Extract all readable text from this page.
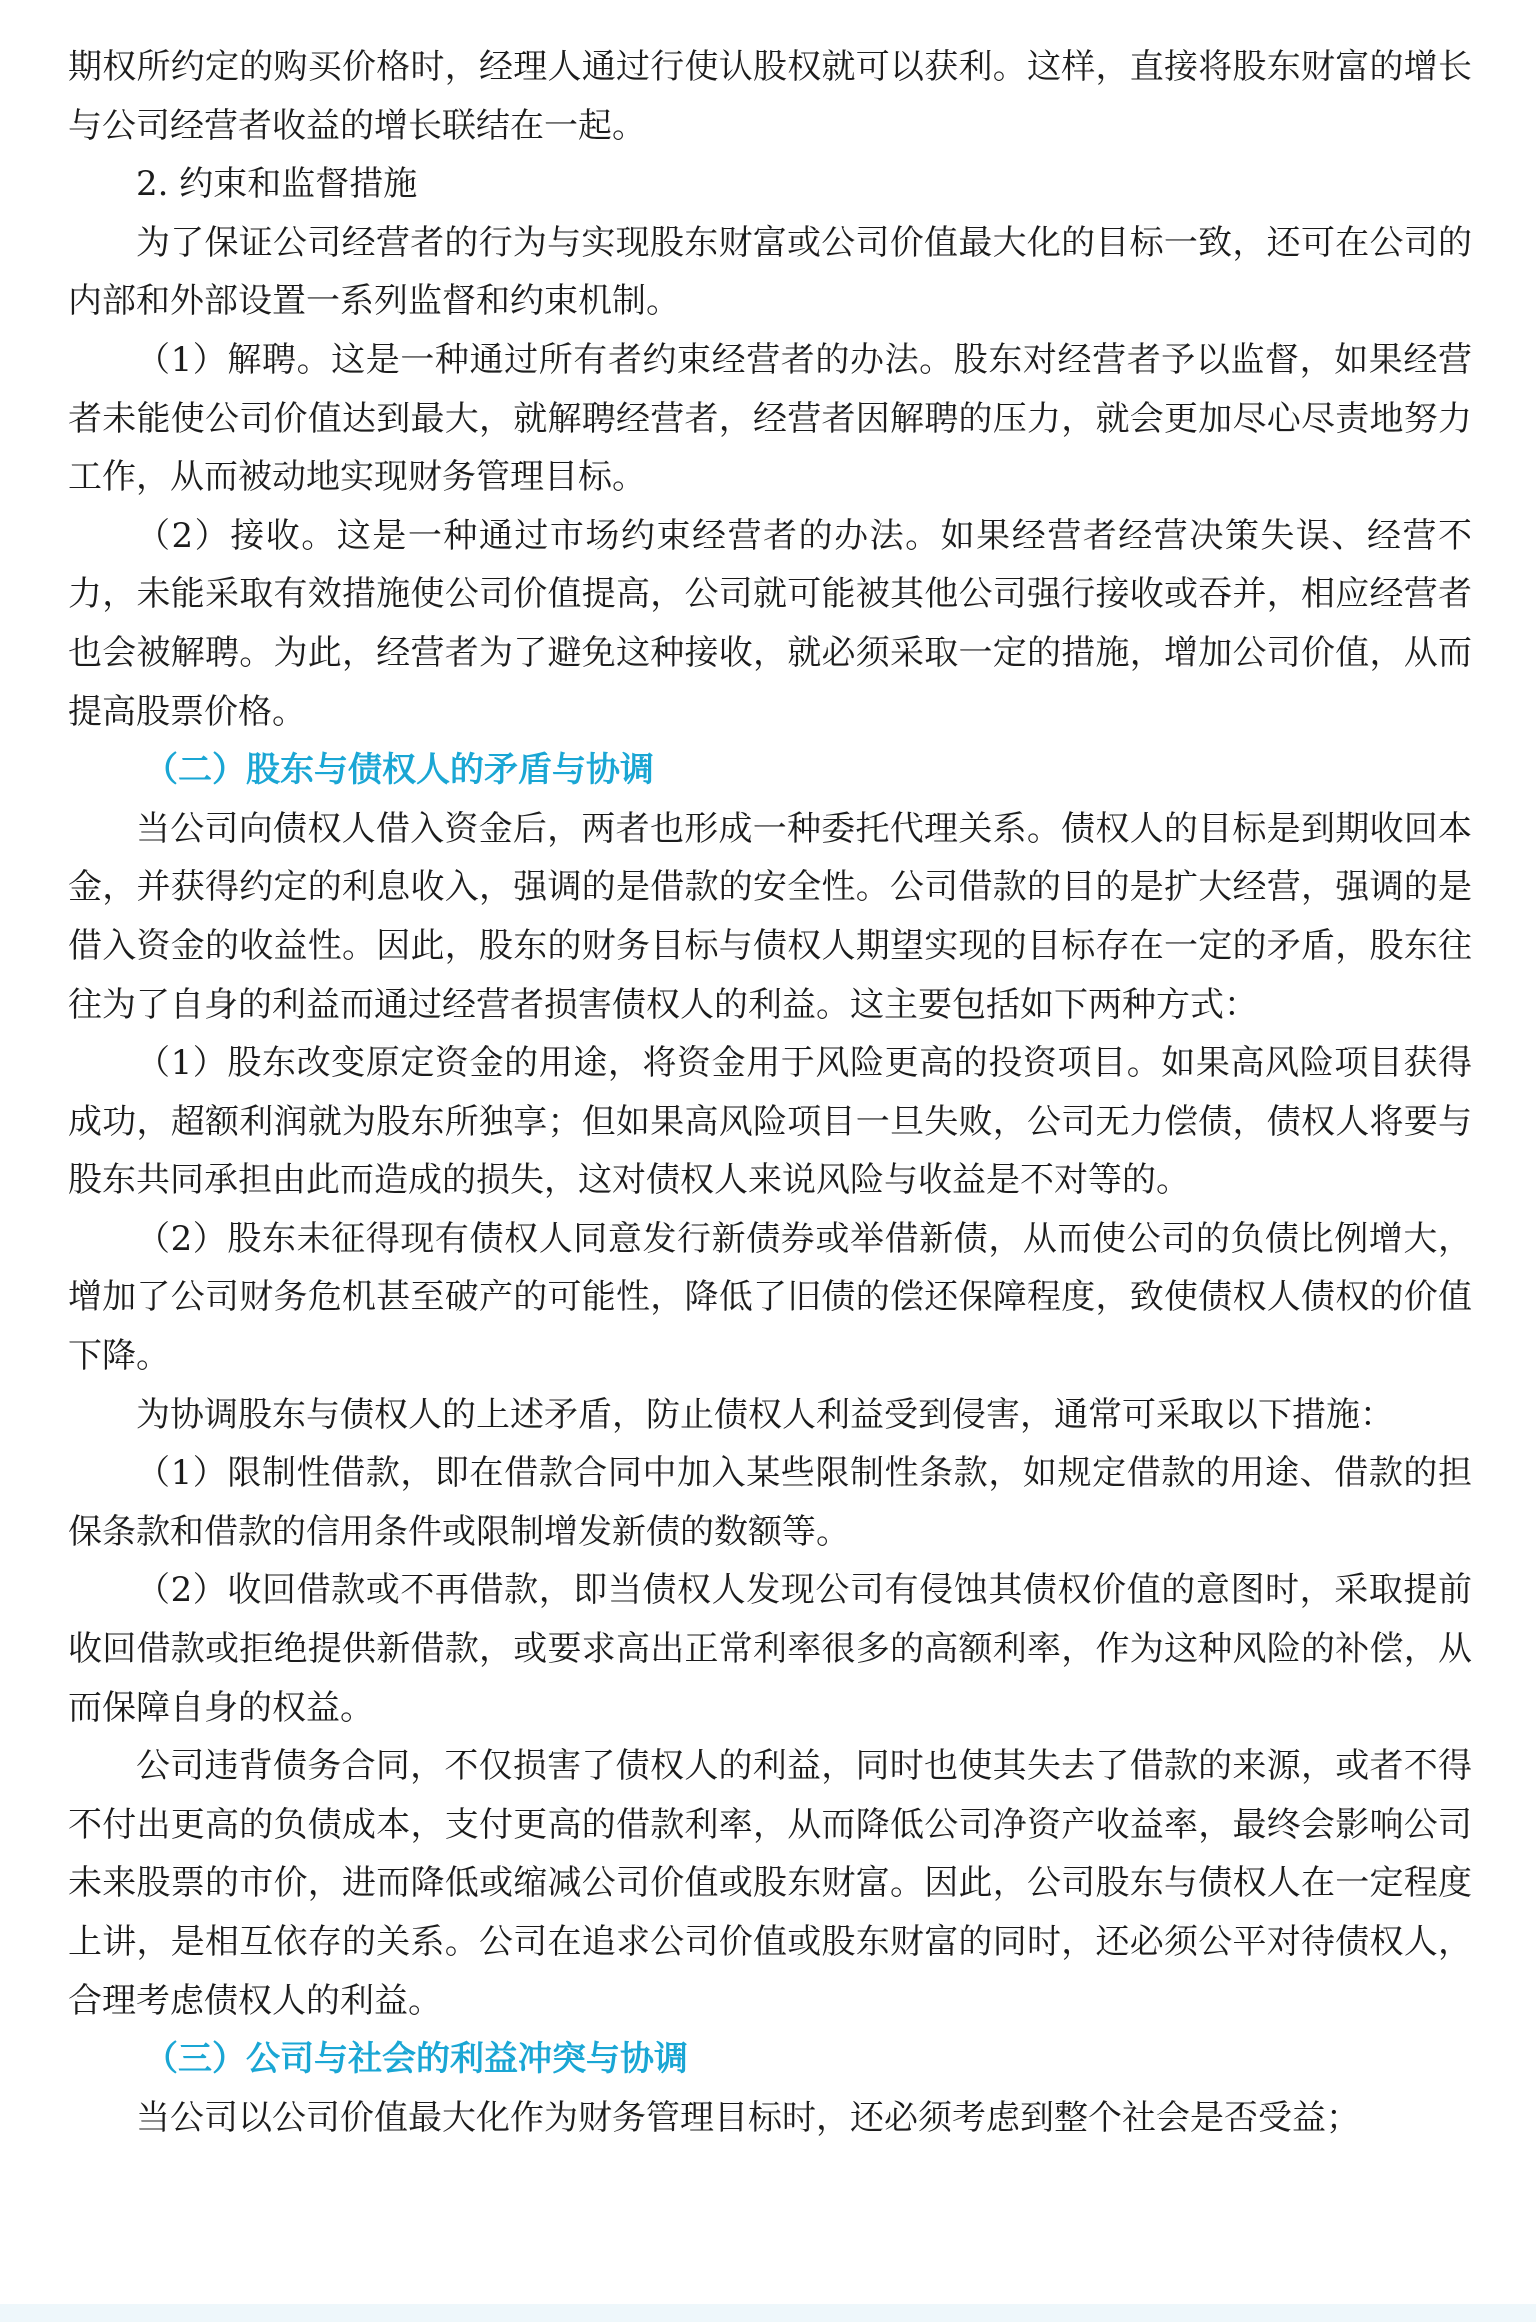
期权所约定的购买价格时，经理人通过行使认股权就可以获利。这样，直接将股东财富的增长与公司经营者收益的增长联结在一起。

2. 约束和监督措施

为了保证公司经营者的行为与实现股东财富或公司价值最大化的目标一致，还可在公司的内部和外部设置一系列监督和约束机制。

（1）解聘。这是一种通过所有者约束经营者的办法。股东对经营者予以监督，如果经营者未能使公司价值达到最大，就解聘经营者，经营者因解聘的压力，就会更加尽心尽责地努力工作，从而被动地实现财务管理目标。

（2）接收。这是一种通过市场约束经营者的办法。如果经营者经营决策失误、经营不力，未能采取有效措施使公司价值提高，公司就可能被其他公司强行接收或吞并，相应经营者也会被解聘。为此，经营者为了避免这种接收，就必须采取一定的措施，增加公司价值，从而提高股票价格。

（二）股东与债权人的矛盾与协调

当公司向债权人借入资金后，两者也形成一种委托代理关系。债权人的目标是到期收回本金，并获得约定的利息收入，强调的是借款的安全性。公司借款的目的是扩大经营，强调的是借入资金的收益性。因此，股东的财务目标与债权人期望实现的目标存在一定的矛盾，股东往往为了自身的利益而通过经营者损害债权人的利益。这主要包括如下两种方式：

（1）股东改变原定资金的用途，将资金用于风险更高的投资项目。如果高风险项目获得成功，超额利润就为股东所独享；但如果高风险项目一旦失败，公司无力偿债，债权人将要与股东共同承担由此而造成的损失，这对债权人来说风险与收益是不对等的。

（2）股东未征得现有债权人同意发行新债券或举借新债，从而使公司的负债比例增大，增加了公司财务危机甚至破产的可能性，降低了旧债的偿还保障程度，致使债权人债权的价值下降。

为协调股东与债权人的上述矛盾，防止债权人利益受到侵害，通常可采取以下措施：

（1）限制性借款，即在借款合同中加入某些限制性条款，如规定借款的用途、借款的担保条款和借款的信用条件或限制增发新债的数额等。

（2）收回借款或不再借款，即当债权人发现公司有侵蚀其债权价值的意图时，采取提前收回借款或拒绝提供新借款，或要求高出正常利率很多的高额利率，作为这种风险的补偿，从而保障自身的权益。

公司违背债务合同，不仅损害了债权人的利益，同时也使其失去了借款的来源，或者不得不付出更高的负债成本，支付更高的借款利率，从而降低公司净资产收益率，最终会影响公司未来股票的市价，进而降低或缩减公司价值或股东财富。因此，公司股东与债权人在一定程度上讲，是相互依存的关系。公司在追求公司价值或股东财富的同时，还必须公平对待债权人，合理考虑债权人的利益。

（三）公司与社会的利益冲突与协调

当公司以公司价值最大化作为财务管理目标时，还必须考虑到整个社会是否受益；
